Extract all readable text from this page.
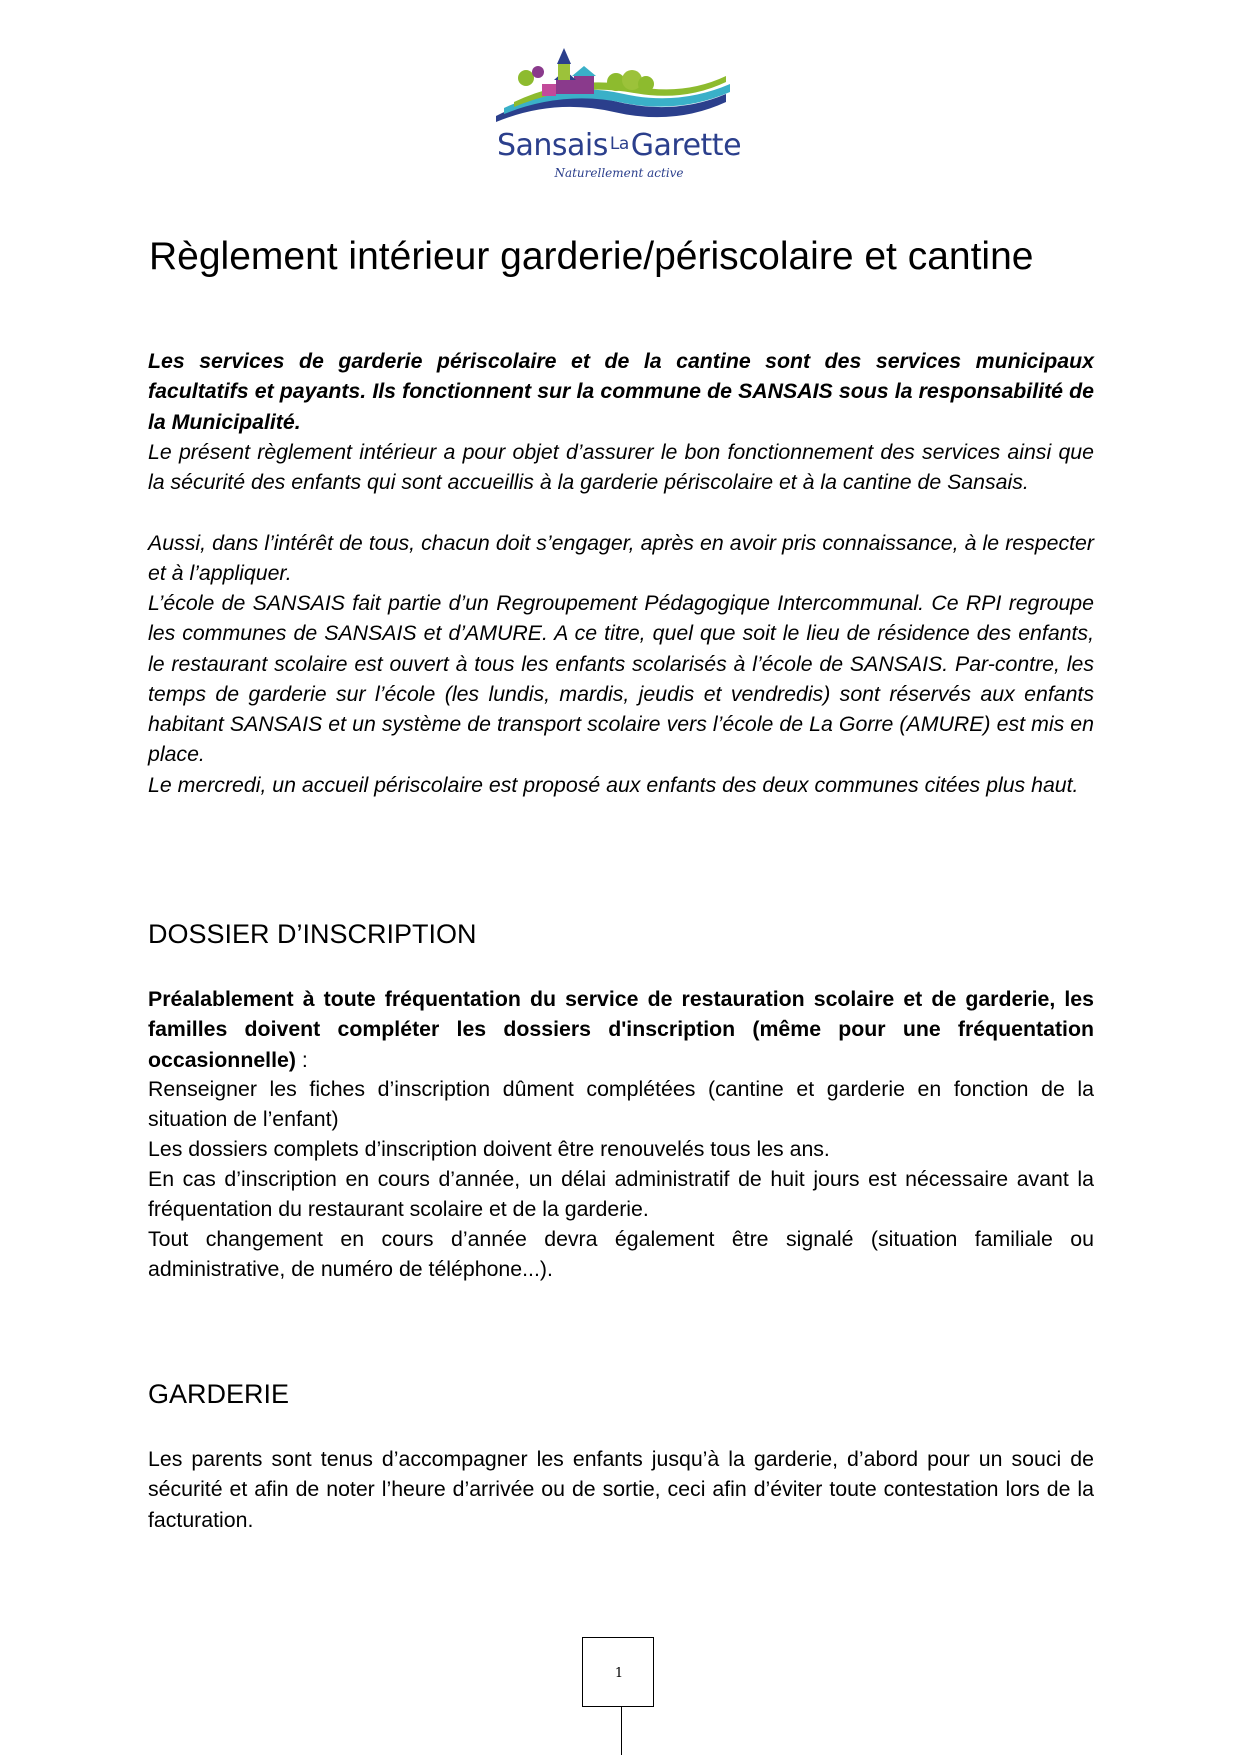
Sansais $^{La}$Garette
Naturellement active
Règlement intérieur garderie/périscolaire et cantine

Les services de garderie périscolaire et de la cantine sont des services municipaux facultatifs et payants. Ils fonctionnent sur la commune de SANSAIS sous la responsabilité de la Municipalité.

Le présent règlement intérieur a pour objet d’assurer le bon fonctionnement des services ainsi que la sécurité des enfants qui sont accueillis à la garderie périscolaire et à la cantine de Sansais.

Aussi, dans l’intérêt de tous, chacun doit s’engager, après en avoir pris connaissance, à le respecter et à l’appliquer.

L’école de SANSAIS fait partie d’un Regroupement Pédagogique Intercommunal. Ce RPI regroupe les communes de SANSAIS et d’AMURE. A ce titre, quel que soit le lieu de résidence des enfants, le restaurant scolaire est ouvert à tous les enfants scolarisés à l’école de SANSAIS. Par-contre, les temps de garderie sur l’école (les lundis, mardis, jeudis et vendredis) sont réservés aux enfants habitant SANSAIS et un système de transport scolaire vers l’école de La Gorre (AMURE) est mis en place.

Le mercredi, un accueil périscolaire est proposé aux enfants des deux communes citées plus haut.

DOSSIER D’INSCRIPTION

Préalablement à toute fréquentation du service de restauration scolaire et de garderie, les familles doivent compléter les dossiers d'inscription (même pour une fréquentation occasionnelle) :

Renseigner les fiches d’inscription dûment complétées (cantine et garderie en fonction de la situation de l’enfant)

Les dossiers complets d’inscription doivent être renouvelés tous les ans.

En cas d’inscription en cours d’année, un délai administratif de huit jours est nécessaire avant la fréquentation du restaurant scolaire et de la garderie.

Tout changement en cours d’année devra également être signalé (situation familiale ou administrative, de numéro de téléphone...).

GARDERIE

Les parents sont tenus d’accompagner les enfants jusqu’à la garderie, d’abord pour un souci de sécurité et afin de noter l’heure d’arrivée ou de sortie, ceci afin d’éviter toute contestation lors de la facturation.

1
